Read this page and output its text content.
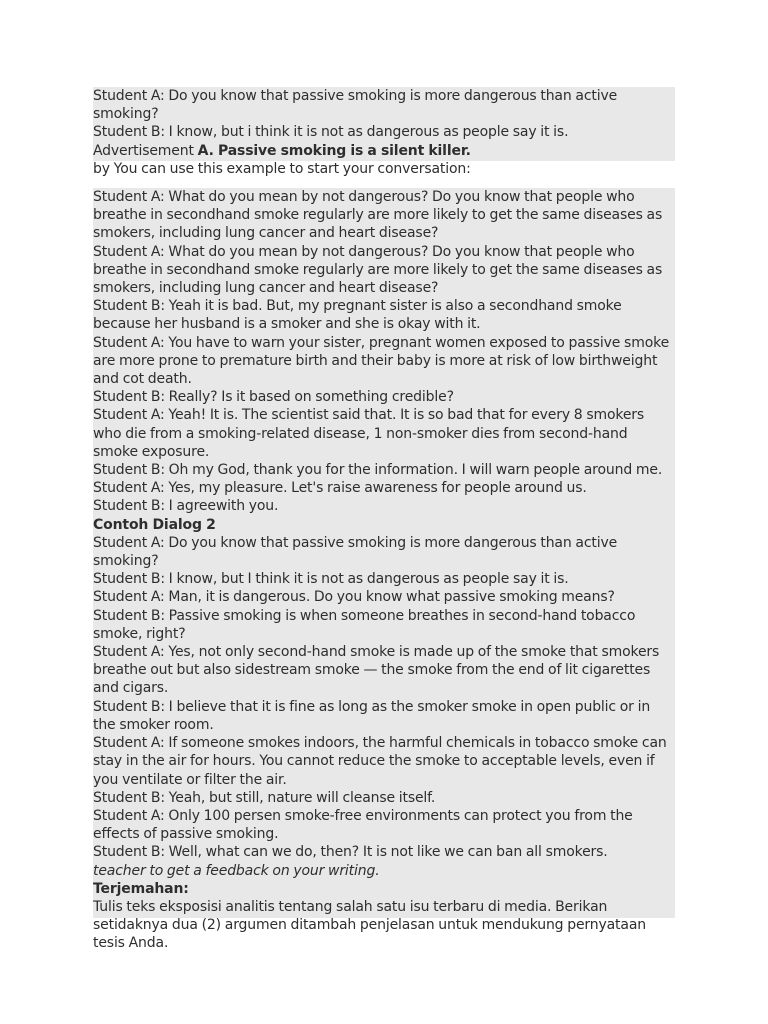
Student A: Do you know that passive smoking is more dangerous than active smoking?
Student B: I know, but i think it is not as dangerous as people say it is.
Advertisement A. Passive smoking is a silent killer.
by You can use this example to start your conversation:
Student A: What do you mean by not dangerous? Do you know that people who breathe in secondhand smoke regularly are more likely to get the same diseases as smokers, including lung cancer and heart disease?
Student A: What do you mean by not dangerous? Do you know that people who breathe in secondhand smoke regularly are more likely to get the same diseases as smokers, including lung cancer and heart disease?
Student B: Yeah it is bad. But, my pregnant sister is also a secondhand smoke because her husband is a smoker and she is okay with it.
Student A: You have to warn your sister, pregnant women exposed to passive smoke are more prone to premature birth and their baby is more at risk of low birthweight and cot death.
Student B: Really? Is it based on something credible?
Student A: Yeah! It is. The scientist said that. It is so bad that for every 8 smokers who die from a smoking-related disease, 1 non-smoker dies from second-hand smoke exposure.
Student B: Oh my God, thank you for the information. I will warn people around me.
Student A: Yes, my pleasure. Let's raise awareness for people around us.
Student B: I agreewith you.
Contoh Dialog 2
Student A: Do you know that passive smoking is more dangerous than active smoking?
Student B: I know, but I think it is not as dangerous as people say it is.
Student A: Man, it is dangerous. Do you know what passive smoking means?
Student B: Passive smoking is when someone breathes in second-hand tobacco smoke, right?
Student A: Yes, not only second-hand smoke is made up of the smoke that smokers breathe out but also sidestream smoke — the smoke from the end of lit cigarettes and cigars.
Student B: I believe that it is fine as long as the smoker smoke in open public or in the smoker room.
Student A: If someone smokes indoors, the harmful chemicals in tobacco smoke can stay in the air for hours. You cannot reduce the smoke to acceptable levels, even if you ventilate or filter the air.
Student B: Yeah, but still, nature will cleanse itself.
Student A: Only 100 persen smoke-free environments can protect you from the effects of passive smoking.
Student B: Well, what can we do, then? It is not like we can ban all smokers.
teacher to get a feedback on your writing.
Terjemahan:
Tulis teks eksposisi analitis tentang salah satu isu terbaru di media. Berikan setidaknya dua (2) argumen ditambah penjelasan untuk mendukung pernyataan tesis Anda.
